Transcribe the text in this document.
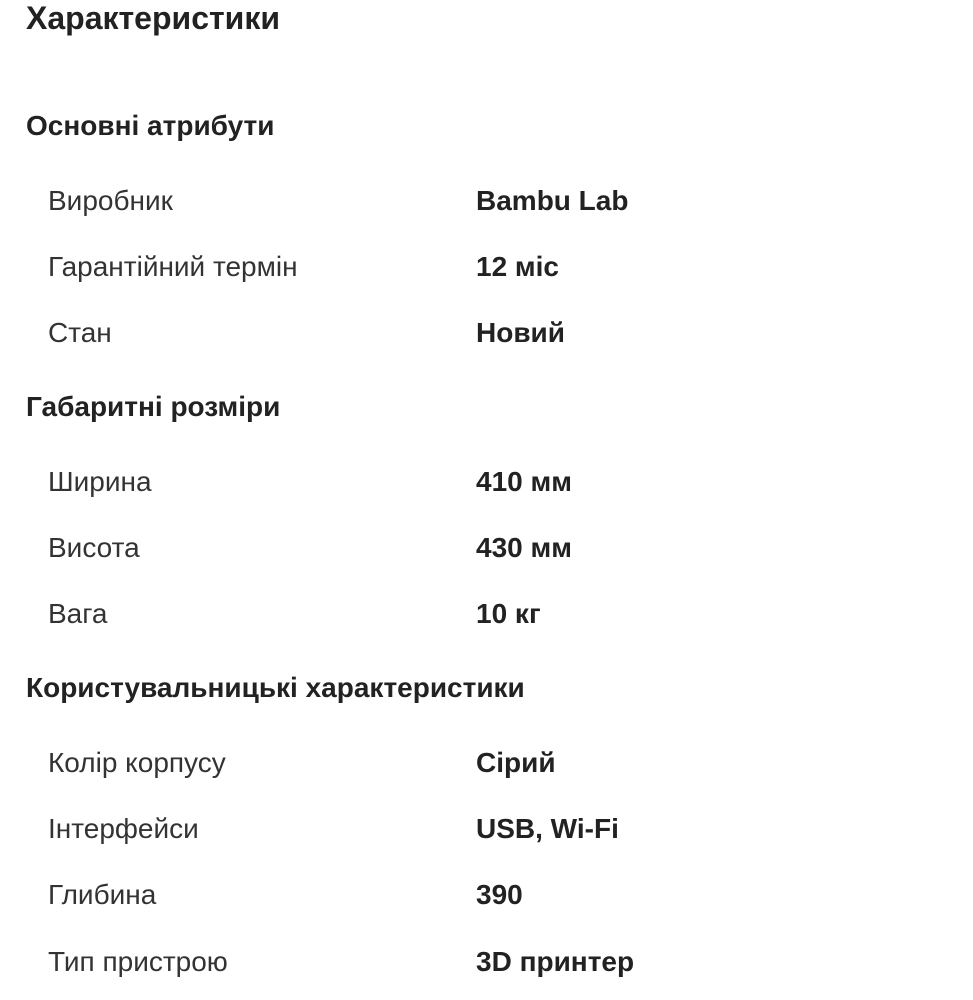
Характеристики
Основні атрибути
Виробник	Bambu Lab
Гарантійний термін	12 міс
Стан	Новий
Габаритні розміри
Ширина	410 мм
Висота	430 мм
Вага	10 кг
Користувальницькі характеристики
Колір корпусу	Сірий
Інтерфейси	USB, Wi-Fi
Глибина	390
Тип пристрою	3D принтер
